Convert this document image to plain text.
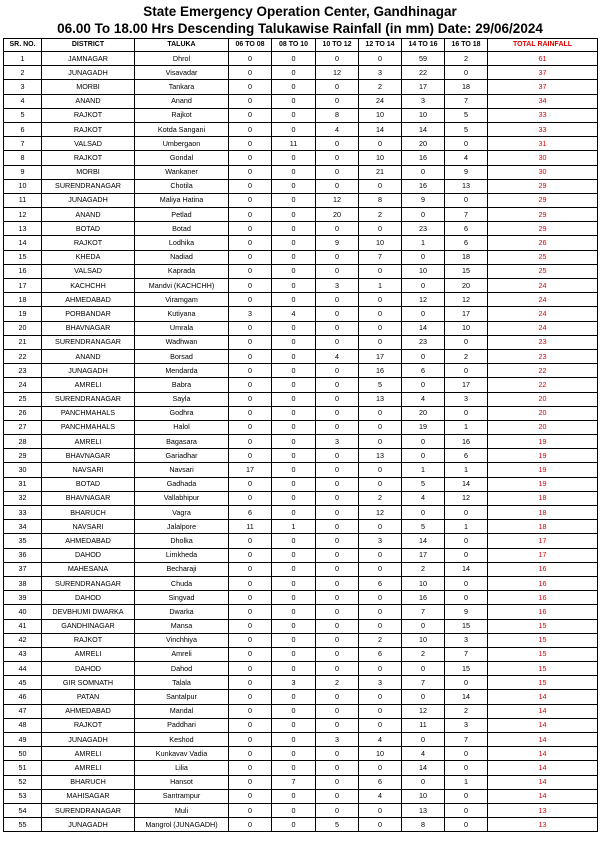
State Emergency Operation Center, Gandhinagar
06.00 To 18.00 Hrs Descending Talukawise Rainfall (in mm) Date: 29/06/2024
SR. NO.	DISTRICT	TALUKA	06 TO 08	08 TO 10	10 TO 12	12 TO 14	14 TO 16	16 TO 18	TOTAL RAINFALL
1	JAMNAGAR	Dhrol	0	0	0	0	59	2	61
2	JUNAGADH	Visavadar	0	0	12	3	22	0	37
3	MORBI	Tankara	0	0	0	2	17	18	37
4	ANAND	Anand	0	0	0	24	3	7	34
5	RAJKOT	Rajkot	0	0	8	10	10	5	33
6	RAJKOT	Kotda Sangani	0	0	4	14	14	5	33
7	VALSAD	Umbergaon	0	11	0	0	20	0	31
8	RAJKOT	Gondal	0	0	0	10	16	4	30
9	MORBI	Wankaner	0	0	0	21	0	9	30
10	SURENDRANAGAR	Chotila	0	0	0	0	16	13	29
11	JUNAGADH	Maliya Hatina	0	0	12	8	9	0	29
12	ANAND	Petlad	0	0	20	2	0	7	29
13	BOTAD	Botad	0	0	0	0	23	6	29
14	RAJKOT	Lodhika	0	0	9	10	1	6	26
15	KHEDA	Nadiad	0	0	0	7	0	18	25
16	VALSAD	Kaprada	0	0	0	0	10	15	25
17	KACHCHH	Mandvi (KACHCHH)	0	0	3	1	0	20	24
18	AHMEDABAD	Viramgam	0	0	0	0	12	12	24
19	PORBANDAR	Kutiyana	3	4	0	0	0	17	24
20	BHAVNAGAR	Umrala	0	0	0	0	14	10	24
21	SURENDRANAGAR	Wadhwan	0	0	0	0	23	0	23
22	ANAND	Borsad	0	0	4	17	0	2	23
23	JUNAGADH	Mendarda	0	0	0	16	6	0	22
24	AMRELI	Babra	0	0	0	5	0	17	22
25	SURENDRANAGAR	Sayla	0	0	0	13	4	3	20
26	PANCHMAHALS	Godhra	0	0	0	0	20	0	20
27	PANCHMAHALS	Halol	0	0	0	0	19	1	20
28	AMRELI	Bagasara	0	0	3	0	0	16	19
29	BHAVNAGAR	Gariadhar	0	0	0	13	0	6	19
30	NAVSARI	Navsari	17	0	0	0	1	1	19
31	BOTAD	Gadhada	0	0	0	0	5	14	19
32	BHAVNAGAR	Vallabhipur	0	0	0	2	4	12	18
33	BHARUCH	Vagra	6	0	0	12	0	0	18
34	NAVSARI	Jalalpore	11	1	0	0	5	1	18
35	AHMEDABAD	Dholka	0	0	0	3	14	0	17
36	DAHOD	Limkheda	0	0	0	0	17	0	17
37	MAHESANA	Becharaji	0	0	0	0	2	14	16
38	SURENDRANAGAR	Chuda	0	0	0	6	10	0	16
39	DAHOD	Singvad	0	0	0	0	16	0	16
40	DEVBHUMI DWARKA	Dwarka	0	0	0	0	7	9	16
41	GANDHINAGAR	Mansa	0	0	0	0	0	15	15
42	RAJKOT	Vinchhiya	0	0	0	2	10	3	15
43	AMRELI	Amreli	0	0	0	6	2	7	15
44	DAHOD	Dahod	0	0	0	0	0	15	15
45	GIR SOMNATH	Talala	0	3	2	3	7	0	15
46	PATAN	Santalpur	0	0	0	0	0	14	14
47	AHMEDABAD	Mandal	0	0	0	0	12	2	14
48	RAJKOT	Paddhari	0	0	0	0	11	3	14
49	JUNAGADH	Keshod	0	0	3	4	0	7	14
50	AMRELI	Kunkavav Vadia	0	0	0	10	4	0	14
51	AMRELI	Lilia	0	0	0	0	14	0	14
52	BHARUCH	Hansot	0	7	0	6	0	1	14
53	MAHISAGAR	Santrampur	0	0	0	4	10	0	14
54	SURENDRANAGAR	Muli	0	0	0	0	13	0	13
55	JUNAGADH	Mangrol (JUNAGADH)	0	0	5	0	8	0	13
